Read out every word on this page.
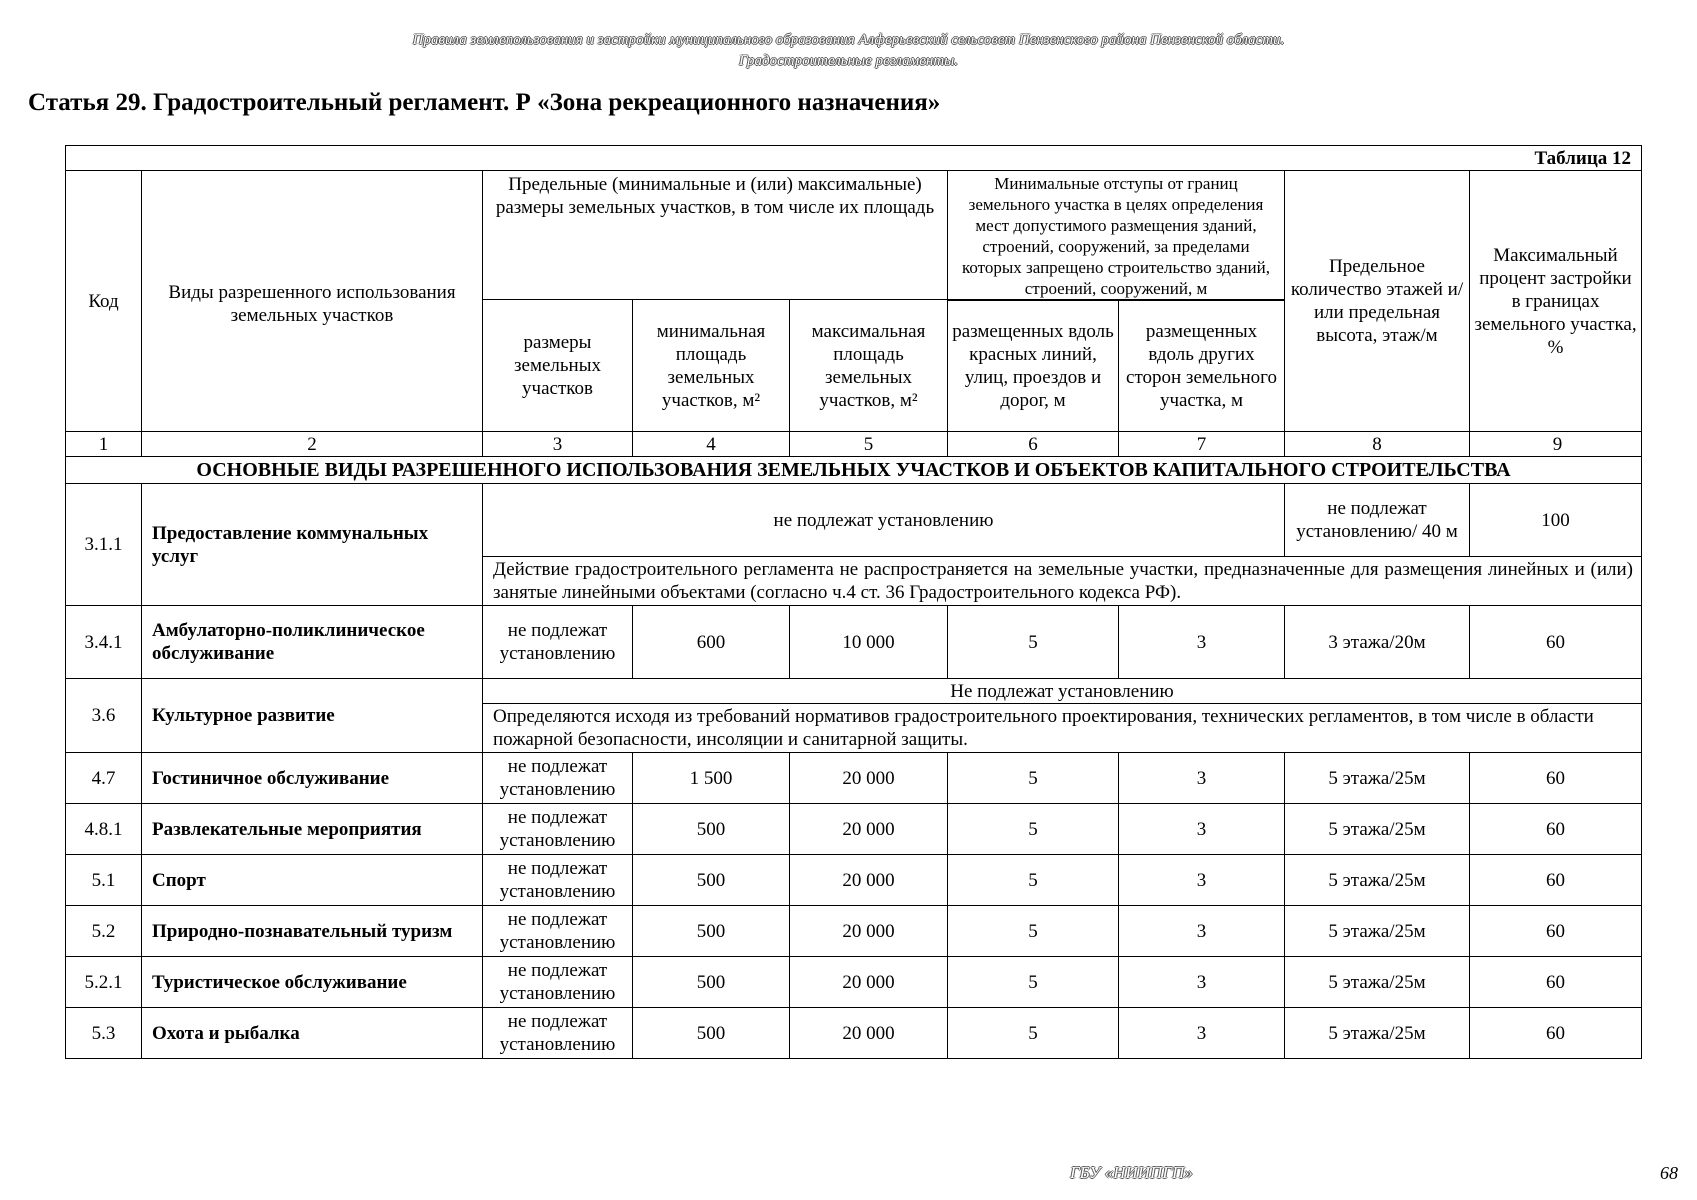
Правила землепользования и застройки муниципального образования Алферьевский сельсовет Пензенского района Пензенской области.
Градостроительные регламенты.
Статья 29. Градостроительный регламент. Р «Зона рекреационного назначения»
Таблица 12								
Код	Виды разрешенного использования земельных участков	Предельные (минимальные и (или) максимальные) размеры земельных участков, в том числе их площадь			Минимальные отступы от границ земельного участка в целях определения мест допустимого размещения зданий, строений, сооружений, за пределами которых запрещено строительство зданий, строений, сооружений, м		Предельное количество этажей и/или предельная высота, этаж/м	Максимальный процент застройки в границах земельного участка, %
		размеры земельных участков	минимальная площадь земельных участков, м²	максимальная площадь земельных участков, м²				
					размещенных вдоль красных линий, улиц, проездов и дорог, м	размещенных вдоль других сторон земельного участка, м		
1	2	3	4	5	6	7	8	9
ОСНОВНЫЕ ВИДЫ РАЗРЕШЕННОГО ИСПОЛЬЗОВАНИЯ ЗЕМЕЛЬНЫХ УЧАСТКОВ И ОБЪЕКТОВ КАПИТАЛЬНОГО СТРОИТЕЛЬСТВА								
3.1.1	Предоставление коммунальных услуг	не подлежат установлению					не подлежат установлению/ 40 м	100
		Действие градостроительного регламента не распространяется на земельные участки, предназначенные для размещения линейных и (или) занятые линейными объектами (согласно ч.4 ст. 36 Градостроительного кодекса РФ).						
3.4.1	Амбулаторно-поликлиническое обслуживание	не подлежат установлению	600	10 000	5	3	3 этажа/20м	60
3.6	Культурное развитие	Не подлежат установлению						
		Определяются исходя из требований нормативов градостроительного проектирования, технических регламентов, в том числе в области пожарной безопасности, инсоляции и санитарной защиты.						
4.7	Гостиничное обслуживание	не подлежат установлению	1 500	20 000	5	3	5 этажа/25м	60
4.8.1	Развлекательные мероприятия	не подлежат установлению	500	20 000	5	3	5 этажа/25м	60
5.1	Спорт	не подлежат установлению	500	20 000	5	3	5 этажа/25м	60
5.2	Природно-познавательный туризм	не подлежат установлению	500	20 000	5	3	5 этажа/25м	60
5.2.1	Туристическое обслуживание	не подлежат установлению	500	20 000	5	3	5 этажа/25м	60
5.3	Охота и рыбалка	не подлежат установлению	500	20 000	5	3	5 этажа/25м	60
ГБУ «НИИПГП»	68
